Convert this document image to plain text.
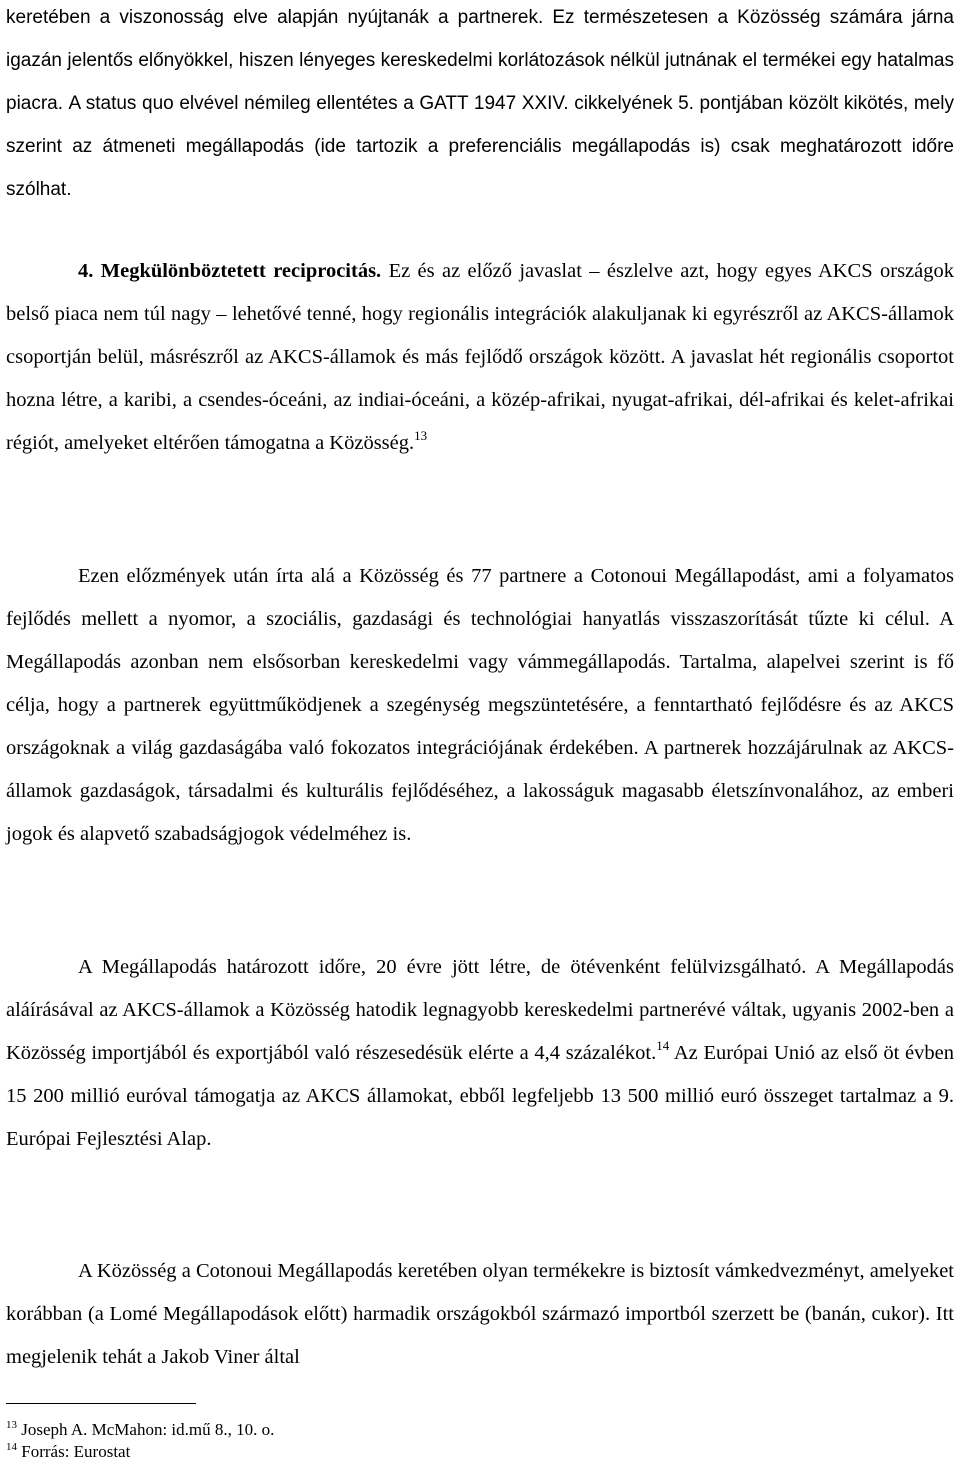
keretében a viszonosság elve alapján nyújtanák a partnerek. Ez természetesen a Közösség számára járna igazán jelentős előnyökkel, hiszen lényeges kereskedelmi korlátozások nélkül jutnának el termékei egy hatalmas piacra. A status quo elvével némileg ellentétes a GATT 1947 XXIV. cikkelyének 5. pontjában közölt kikötés, mely szerint az átmeneti megállapodás (ide tartozik a preferenciális megállapodás is) csak meghatározott időre szólhat.

4. Megkülönböztetett reciprocitás. Ez és az előző javaslat – észlelve azt, hogy egyes AKCS országok belső piaca nem túl nagy – lehetővé tenné, hogy regionális integrációk alakuljanak ki egyrészről az AKCS-államok csoportján belül, másrészről az AKCS-államok és más fejlődő országok között. A javaslat hét regionális csoportot hozna létre, a karibi, a csendes-óceáni, az indiai-óceáni, a közép-afrikai, nyugat-afrikai, dél-afrikai és kelet-afrikai régiót, amelyeket eltérően támogatna a Közösség.$^{13}$

Ezen előzmények után írta alá a Közösség és 77 partnere a Cotonoui Megállapodást, ami a folyamatos fejlődés mellett a nyomor, a szociális, gazdasági és technológiai hanyatlás visszaszorítását tűzte ki célul. A Megállapodás azonban nem elsősorban kereskedelmi vagy vámmegállapodás. Tartalma, alapelvei szerint is fő célja, hogy a partnerek együttműködjenek a szegénység megszüntetésére, a fenntartható fejlődésre és az AKCS országoknak a világ gazdaságába való fokozatos integrációjának érdekében. A partnerek hozzájárulnak az AKCS-államok gazdaságok, társadalmi és kulturális fejlődéséhez, a lakosságuk magasabb életszínvonalához, az emberi jogok és alapvető szabadságjogok védelméhez is.

A Megállapodás határozott időre, 20 évre jött létre, de ötévenként felülvizsgálható. A Megállapodás aláírásával az AKCS-államok a Közösség hatodik legnagyobb kereskedelmi partnerévé váltak, ugyanis 2002-ben a Közösség importjából és exportjából való részesedésük elérte a 4,4 százalékot.$^{14}$ Az Európai Unió az első öt évben 15 200 millió euróval támogatja az AKCS államokat, ebből legfeljebb 13 500 millió euró összeget tartalmaz a 9. Európai Fejlesztési Alap.

A Közösség a Cotonoui Megállapodás keretében olyan termékekre is biztosít vámkedvezményt, amelyeket korábban (a Lomé Megállapodások előtt) harmadik országokból származó importból szerzett be (banán, cukor). Itt megjelenik tehát a Jakob Viner által

$^{13}$ Joseph A. McMahon: id.mű 8., 10. o.
$^{14}$ Forrás: Eurostat
